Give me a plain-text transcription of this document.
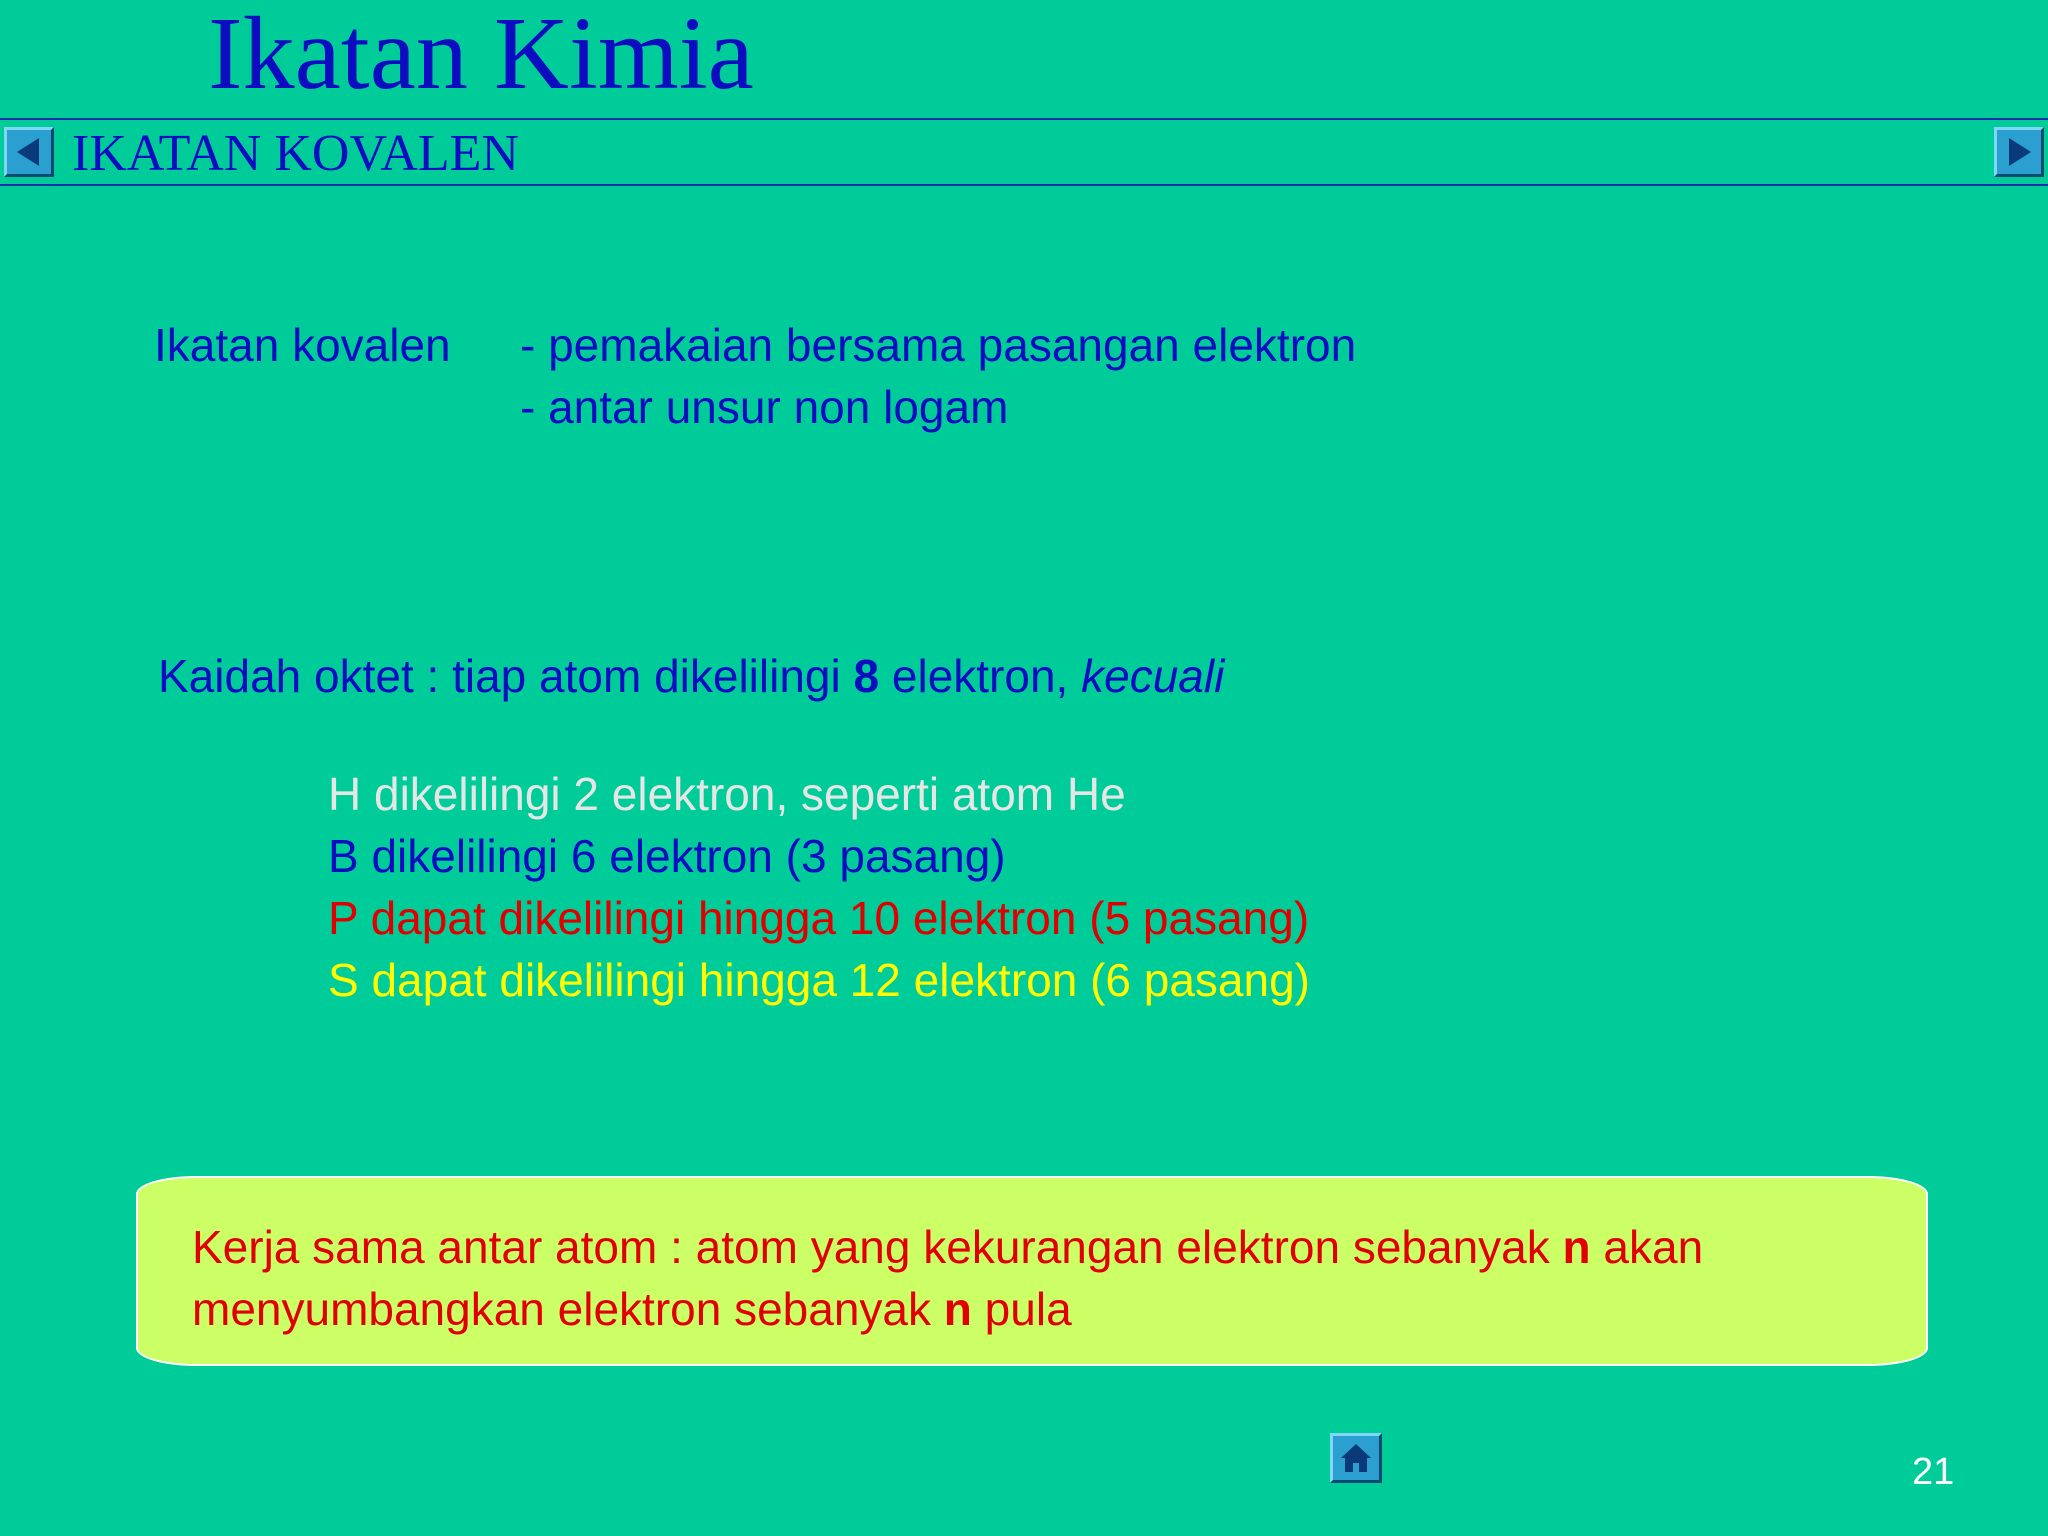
Ikatan Kimia
IKATAN KOVALEN
Ikatan kovalen - pemakaian bersama pasangan elektron
- antar unsur non logam
Kaidah oktet : tiap atom dikelilingi 8 elektron, kecuali
H dikelilingi 2 elektron, seperti atom He
B dikelilingi 6 elektron (3 pasang)
P dapat dikelilingi hingga 10 elektron (5 pasang)
S dapat dikelilingi hingga 12 elektron (6 pasang)
Kerja sama antar atom : atom yang kekurangan elektron sebanyak n akan
menyumbangkan elektron sebanyak n pula
21
